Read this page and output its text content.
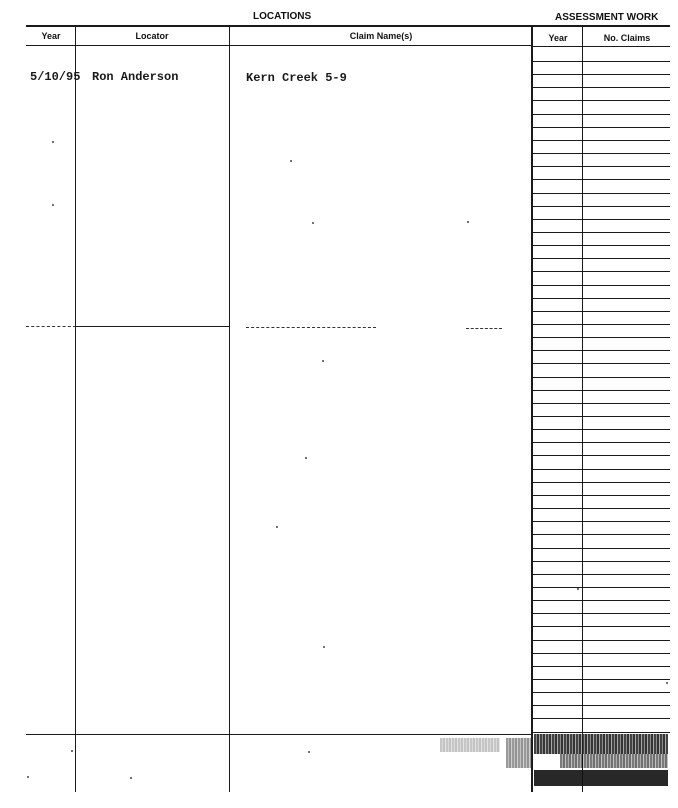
LOCATIONS	ASSESSMENT WORK
Year	Locator	Claim Name(s)	Year	No. Claims
5/10/95 Ron Anderson	Kern Creek 5-9
